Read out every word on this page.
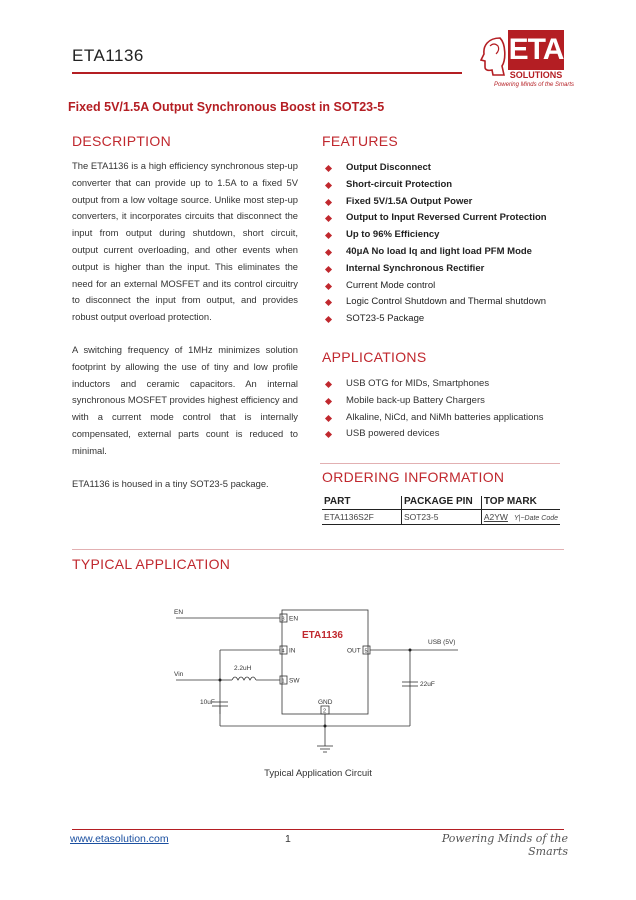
ETA1136	ETA
SOLUTIONS
Powering Minds of the Smarts
Fixed 5V/1.5A Output Synchronous Boost in SOT23-5
DESCRIPTION
The ETA1136 is a high efficiency synchronous step-up converter that can provide up to 1.5A to a fixed 5V output from a low voltage source. Unlike most step-up converters, it incorporates circuits that disconnect the input from output during shutdown, short circuit, output current overloading, and other events when output is higher than the input. This eliminates the need for an external MOSFET and its control circuitry to disconnect the input from output, and provides robust output overload protection.
A switching frequency of 1MHz minimizes solution footprint by allowing the use of tiny and low profile inductors and ceramic capacitors. An internal synchronous MOSFET provides highest efficiency and with a current mode control that is internally compensated, external parts count is reduced to minimal.
ETA1136 is housed in a tiny SOT23-5 package.
FEATURES
Output Disconnect
Short-circuit Protection
Fixed 5V/1.5A Output Power
Output to Input Reversed Current Protection
Up to 96% Efficiency
40μA No load Iq and light load PFM Mode
Internal Synchronous Rectifier
Current Mode control
Logic Control Shutdown and Thermal shutdown
SOT23-5 Package
APPLICATIONS
USB OTG for MIDs, Smartphones
Mobile back-up Battery Chargers
Alkaline, NiCd, and NiMh batteries applications
USB powered devices
ORDERING INFORMATION
PART	PACKAGE PIN	TOP MARK
ETA1136S2F	SOT23-5	A2YW Y|~Date Code
TYPICAL APPLICATION
EN
Vin
USB (5V)
2.2uH
10uF
22uF
GND
3 EN
4 IN
1 SW
5
OUT
2
ETA1136
Typical Application Circuit
www.etasolution.com	1	Powering Minds of the Smarts
